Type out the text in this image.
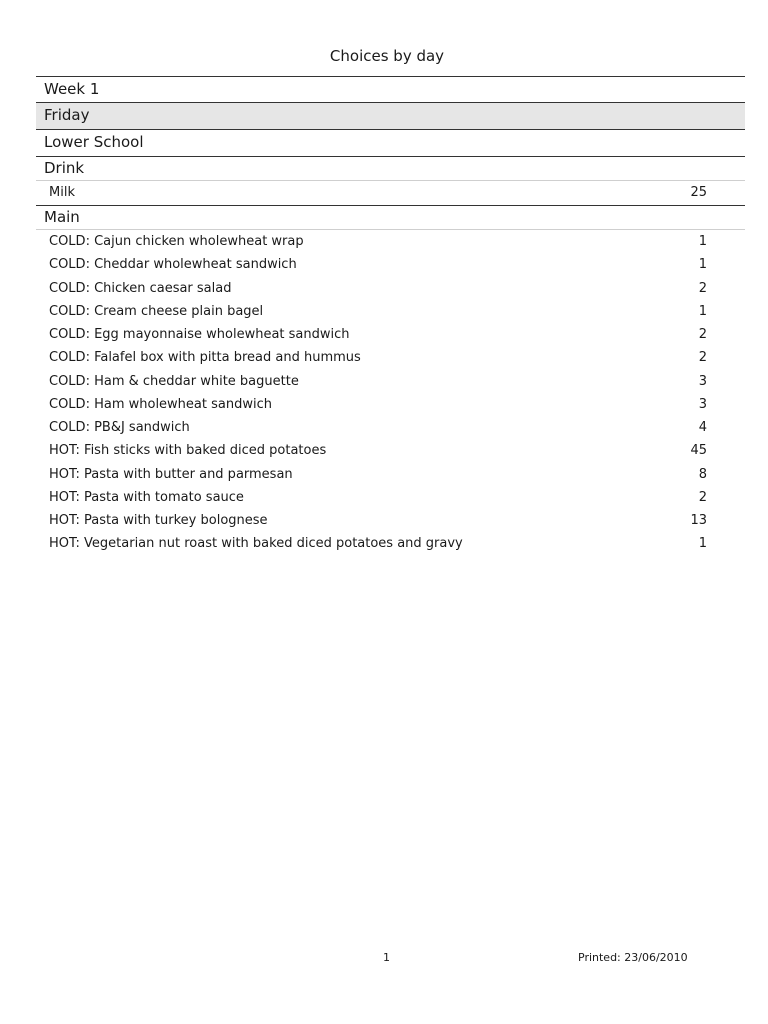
Choices by day
Week 1
Friday
Lower School
Drink
Milk	25
Main
COLD: Cajun chicken wholewheat wrap	1
COLD: Cheddar wholewheat sandwich	1
COLD: Chicken caesar salad	2
COLD: Cream cheese plain bagel	1
COLD: Egg mayonnaise wholewheat sandwich	2
COLD: Falafel box with pitta bread and hummus	2
COLD: Ham & cheddar white baguette	3
COLD: Ham wholewheat sandwich	3
COLD: PB&J sandwich	4
HOT: Fish sticks with baked diced potatoes	45
HOT: Pasta with butter and parmesan	8
HOT: Pasta with tomato sauce	2
HOT: Pasta with turkey bolognese	13
HOT: Vegetarian nut roast with baked diced potatoes and gravy	1
1	Printed: 23/06/2010
